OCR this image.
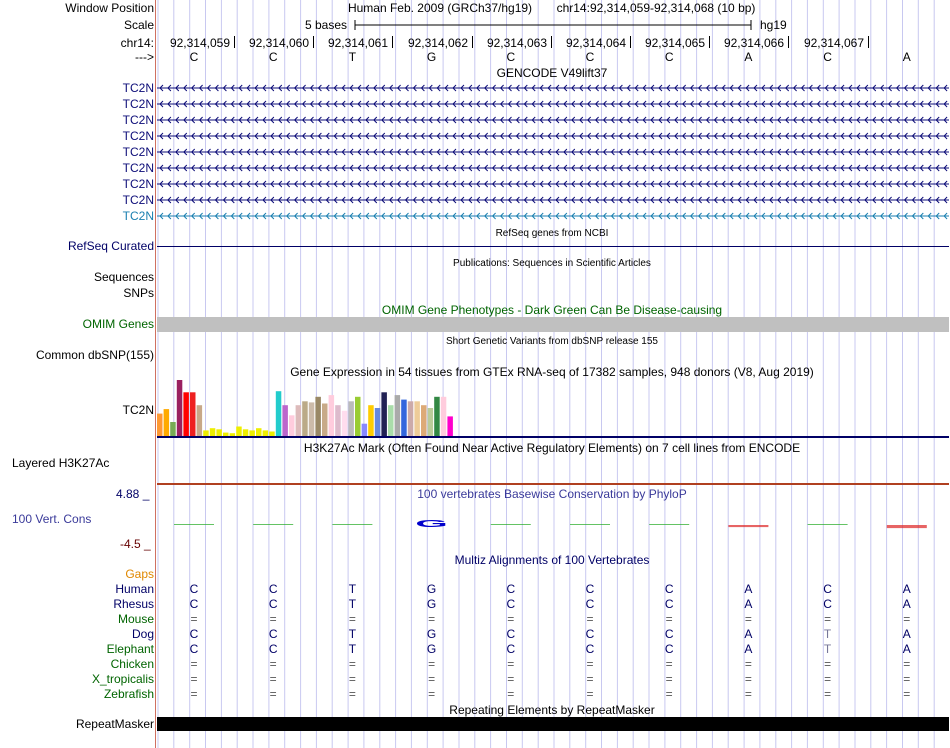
Window Position	Human Feb. 2009 (GRCh37/hg19) chr14:92,314,059-92,314,068 (10 bp)
Scale	5 bases	hg19
chr14:	92,314,059	92,314,060	92,314,061	92,314,062	92,314,063	92,314,064	92,314,065	92,314,066	92,314,067
--->	C	C	T	G	C	C	C	A	C	A
GENCODE V49lift37
TC2N
TC2N
TC2N
TC2N
TC2N
TC2N
TC2N
TC2N
TC2N
RefSeq genes from NCBI
RefSeq Curated
Publications: Sequences in Scientific Articles
Sequences
SNPs
OMIM Gene Phenotypes - Dark Green Can Be Disease-causing
OMIM Genes
Short Genetic Variants from dbSNP release 155
Common dbSNP(155)
Gene Expression in 54 tissues from GTEx RNA-seq of 17382 samples, 948 donors (V8, Aug 2019)
TC2N
H3K27Ac Mark (Often Found Near Active Regulatory Elements) on 7 cell lines from ENCODE
Layered H3K27Ac
100 vertebrates Basewise Conservation by PhyloP
4.88 _
100 Vert. Cons
-4.5 _
G
Multiz Alignments of 100 Vertebrates
Gaps
Human	C	C	T	G	C	C	C	A	C	A
Rhesus	C	C	T	G	C	C	C	A	C	A
Mouse	=	=	=	=	=	=	=	=	=	=
Dog	C	C	T	G	C	C	C	A	T	A
Elephant	C	C	T	G	C	C	C	A	T	A
Chicken	=	=	=	=	=	=	=	=	=	=
X_tropicalis	=	=	=	=	=	=	=	=	=	=
Zebrafish	=	=	=	=	=	=	=	=	=	=
Repeating Elements by RepeatMasker
RepeatMasker
